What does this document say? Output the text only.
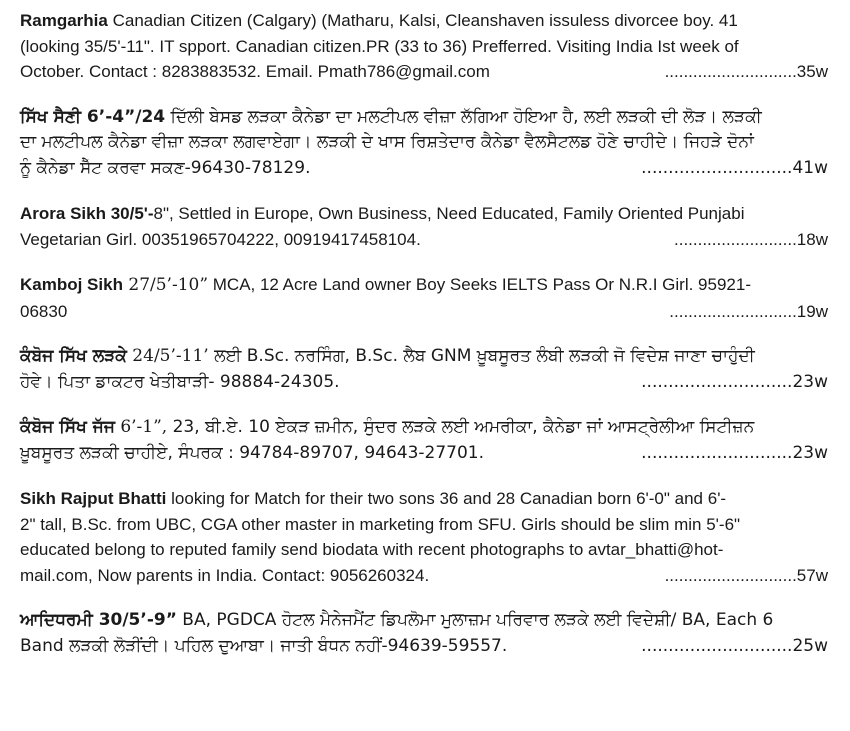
Ramgarhia Canadian Citizen (Calgary) (Matharu, Kalsi, Cleanshaven issuless divorcee boy. 41

(looking 35/5'-11". IT spport. Canadian citizen.PR (33 to 36) Prefferred. Visiting India Ist week of

October. Contact : 8283883532. Email. Pmath786@gmail.com	............................35w

ਸਿੱਖ ਸੈਣੀ 6’-4”/24 ਦਿੱਲੀ ਬੇਸਡ ਲੜਕਾ ਕੈਨੇਡਾ ਦਾ ਮਲਟੀਪਲ ਵੀਜ਼ਾ ਲੱਗਿਆ ਹੋਇਆ ਹੈ, ਲਈ ਲੜਕੀ ਦੀ ਲੋੜ। ਲੜਕੀ

ਦਾ ਮਲਟੀਪਲ ਕੈਨੇਡਾ ਵੀਜ਼ਾ ਲੜਕਾ ਲਗਵਾਏਗਾ। ਲੜਕੀ ਦੇ ਖਾਸ ਰਿਸ਼ਤੇਦਾਰ ਕੈਨੇਡਾ ਵੈਲਸੈਟਲਡ ਹੋਣੇ ਚਾਹੀਦੇ। ਜਿਹੜੇ ਦੋਨਾਂ

ਨੂੰ ਕੈਨੇਡਾ ਸੈੱਟ ਕਰਵਾ ਸਕਣ-96430-78129.	............................41w

Arora Sikh 30/5'-8", Settled in Europe, Own Business, Need Educated, Family Oriented Punjabi

Vegetarian Girl. 00351965704222, 00919417458104.	..........................18w

Kamboj Sikh 27/5’-10” MCA, 12 Acre Land owner Boy Seeks IELTS Pass Or N.R.I Girl. 95921-

06830	...........................19w

ਕੰਬੋਜ ਸਿੱਖ ਲੜਕੇ 24/5’-11’ ਲਈ B.Sc. ਨਰਸਿੰਗ, B.Sc. ਲੈਬ GNM ਖ਼ੂਬਸੂਰਤ ਲੰਬੀ ਲੜਕੀ ਜੋ ਵਿਦੇਸ਼ ਜਾਣਾ ਚਾਹੁੰਦੀ

ਹੋਵੇ। ਪਿਤਾ ਡਾਕਟਰ ਖੇਤੀਬਾੜੀ- 98884-24305.	............................23w

ਕੰਬੋਜ ਸਿੱਖ ਜੱਜ 6’-1”, 23, ਬੀ.ਏ. 10 ਏਕੜ ਜ਼ਮੀਨ, ਸੁੰਦਰ ਲੜਕੇ ਲਈ ਅਮਰੀਕਾ, ਕੈਨੇਡਾ ਜਾਂ ਆਸਟ੍ਰੇਲੀਆ ਸਿਟੀਜ਼ਨ

ਖ਼ੂਬਸੂਰਤ ਲੜਕੀ ਚਾਹੀਏ, ਸੰਪਰਕ : 94784-89707, 94643-27701.	............................23w

Sikh Rajput Bhatti looking for Match for their two sons 36 and 28 Canadian born 6'-0" and 6'-

2" tall, B.Sc. from UBC, CGA other master in marketing from SFU. Girls should be slim min 5'-6"

educated belong to reputed family send biodata with recent photographs to avtar_bhatti@hot-

mail.com, Now parents in India. Contact: 9056260324.	............................57w

ਆਦਿਧਰਮੀ 30/5’-9” BA, PGDCA ਹੋਟਲ ਮੈਨੇਜਮੈਂਟ ਡਿਪਲੋਮਾ ਮੁਲਾਜ਼ਮ ਪਰਿਵਾਰ ਲੜਕੇ ਲਈ ਵਿਦੇਸ਼ੀ/ BA, Each 6

Band ਲੜਕੀ ਲੋੜੀਂਦੀ। ਪਹਿਲ ਦੁਆਬਾ। ਜਾਤੀ ਬੰਧਨ ਨਹੀਂ-94639-59557.	............................25w
